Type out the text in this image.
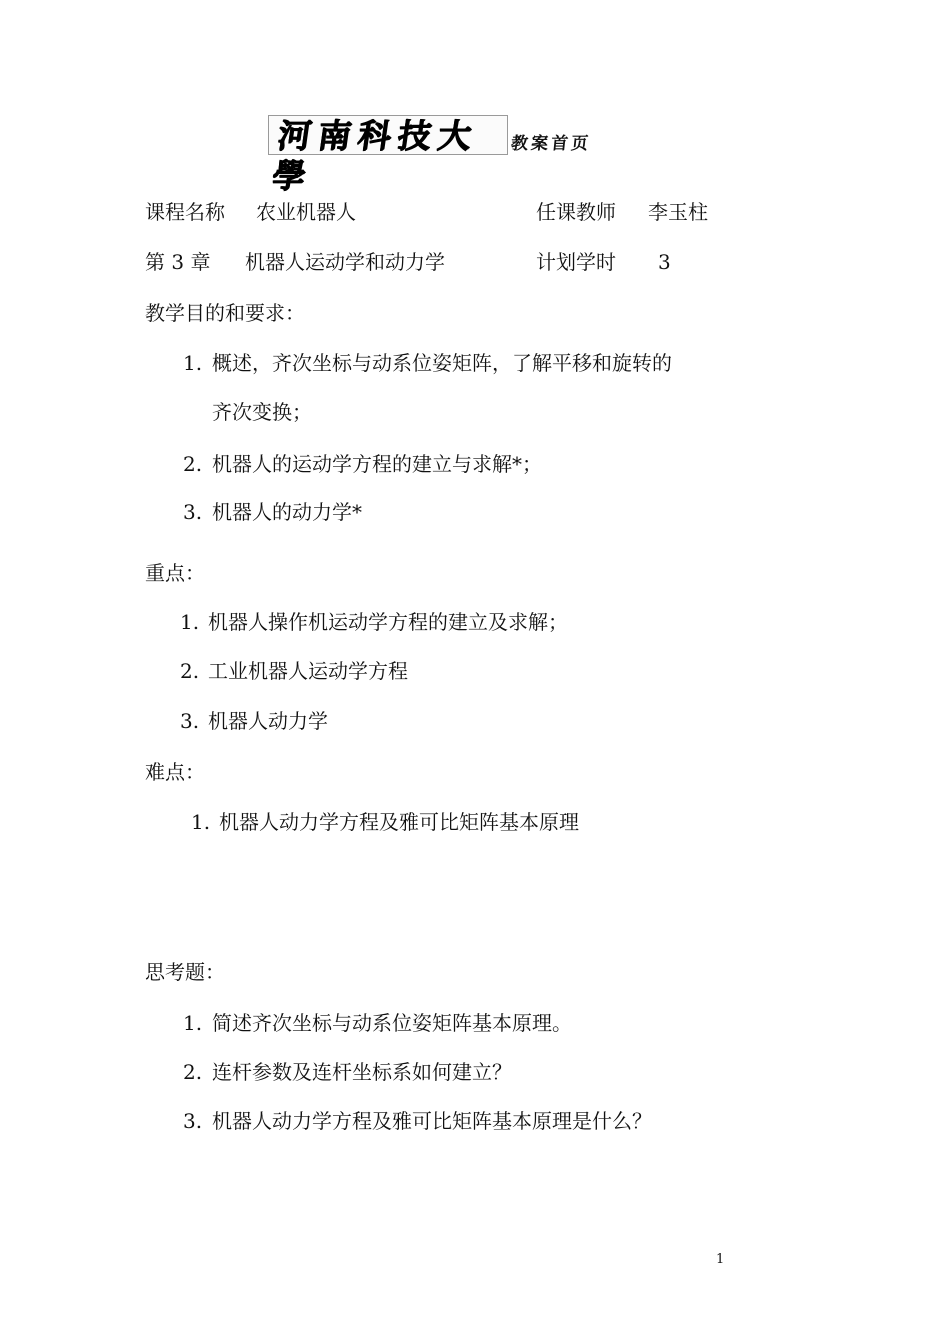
河南科技大學
教案首页
课程名称 农业机器人	任课教师 李玉柱
第 3 章 机器人运动学和动力学	计划学时 3
教学目的和要求：
1. 概述，齐次坐标与动系位姿矩阵，了解平移和旋转的
齐次变换；
2. 机器人的运动学方程的建立与求解*；
3. 机器人的动力学*
重点：
1. 机器人操作机运动学方程的建立及求解；
2. 工业机器人运动学方程
3. 机器人动力学
难点：
1. 机器人动力学方程及雅可比矩阵基本原理
思考题：
1. 简述齐次坐标与动系位姿矩阵基本原理。
2. 连杆参数及连杆坐标系如何建立？
3. 机器人动力学方程及雅可比矩阵基本原理是什么？
1
